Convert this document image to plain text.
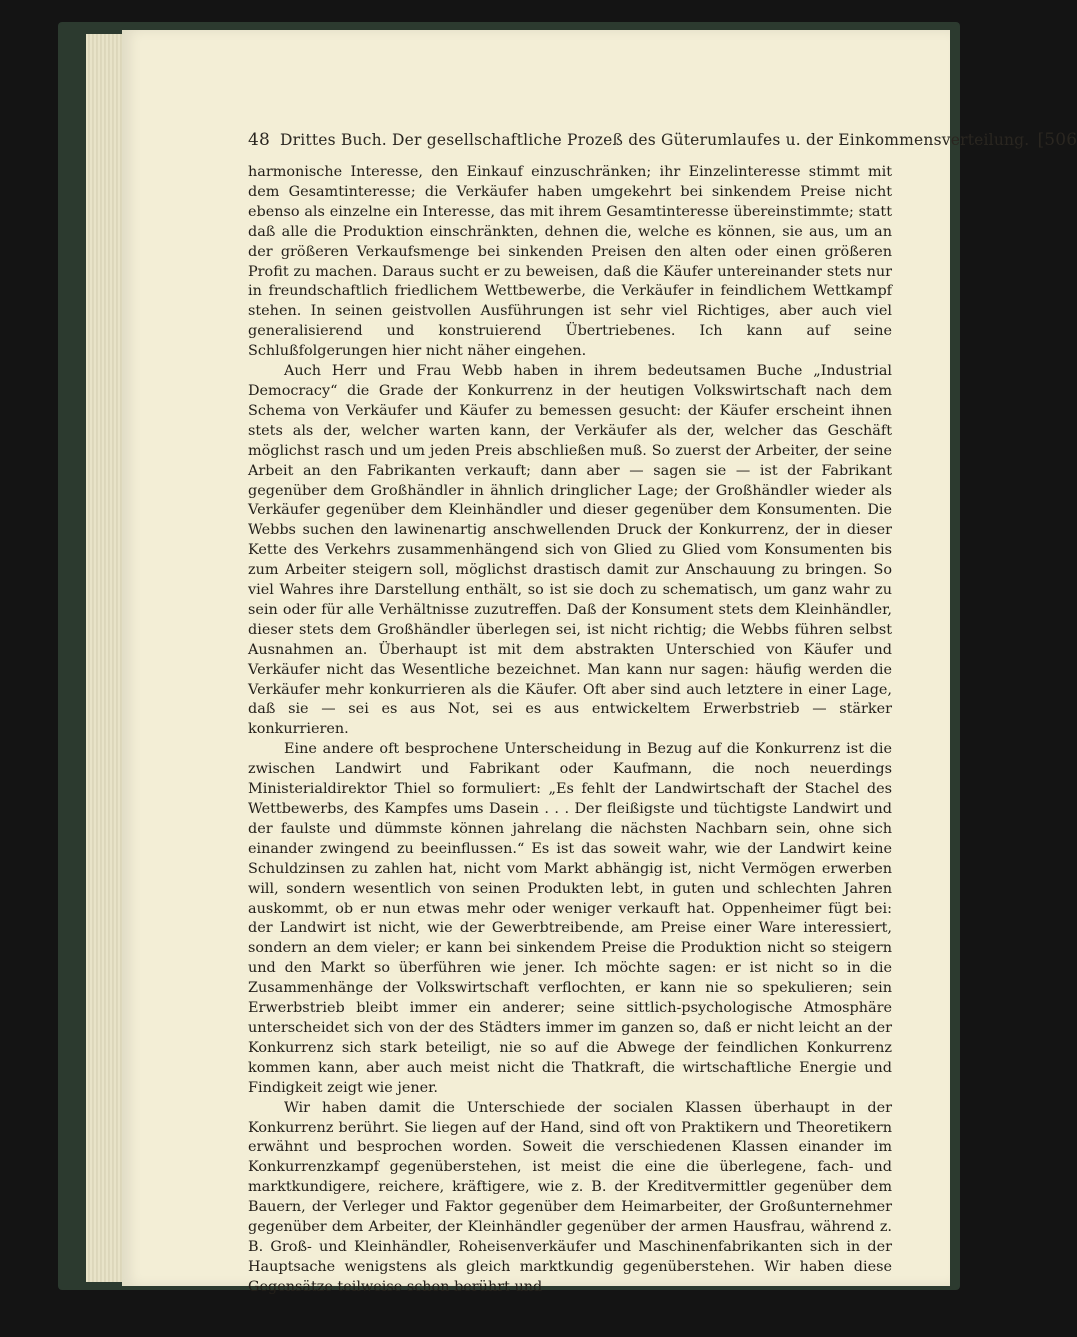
48 Drittes Buch. Der gesellschaftliche Prozeß des Güterumlaufes u. der Einkommensverteilung. [506

harmonische Interesse, den Einkauf einzuschränken; ihr Einzelinteresse stimmt mit dem Gesamtinteresse; die Verkäufer haben umgekehrt bei sinkendem Preise nicht ebenso als einzelne ein Interesse, das mit ihrem Gesamtinteresse übereinstimmte; statt daß alle die Produktion einschränkten, dehnen die, welche es können, sie aus, um an der größeren Verkaufsmenge bei sinkenden Preisen den alten oder einen größeren Profit zu machen. Daraus sucht er zu beweisen, daß die Käufer untereinander stets nur in freundschaftlich friedlichem Wettbewerbe, die Verkäufer in feindlichem Wettkampf stehen. In seinen geistvollen Ausführungen ist sehr viel Richtiges, aber auch viel generalisierend und konstruierend Übertriebenes. Ich kann auf seine Schlußfolgerungen hier nicht näher eingehen.

Auch Herr und Frau Webb haben in ihrem bedeutsamen Buche „Industrial Democracy“ die Grade der Konkurrenz in der heutigen Volkswirtschaft nach dem Schema von Verkäufer und Käufer zu bemessen gesucht: der Käufer erscheint ihnen stets als der, welcher warten kann, der Verkäufer als der, welcher das Geschäft möglichst rasch und um jeden Preis abschließen muß. So zuerst der Arbeiter, der seine Arbeit an den Fabrikanten verkauft; dann aber — sagen sie — ist der Fabrikant gegenüber dem Großhändler in ähnlich dringlicher Lage; der Großhändler wieder als Verkäufer gegenüber dem Kleinhändler und dieser gegenüber dem Konsumenten. Die Webbs suchen den lawinenartig anschwellenden Druck der Konkurrenz, der in dieser Kette des Verkehrs zusammenhängend sich von Glied zu Glied vom Konsumenten bis zum Arbeiter steigern soll, möglichst drastisch damit zur Anschauung zu bringen. So viel Wahres ihre Darstellung enthält, so ist sie doch zu schematisch, um ganz wahr zu sein oder für alle Verhältnisse zuzutreffen. Daß der Konsument stets dem Kleinhändler, dieser stets dem Großhändler überlegen sei, ist nicht richtig; die Webbs führen selbst Ausnahmen an. Überhaupt ist mit dem abstrakten Unterschied von Käufer und Verkäufer nicht das Wesentliche bezeichnet. Man kann nur sagen: häufig werden die Verkäufer mehr konkurrieren als die Käufer. Oft aber sind auch letztere in einer Lage, daß sie — sei es aus Not, sei es aus entwickeltem Erwerbstrieb — stärker konkurrieren.

Eine andere oft besprochene Unterscheidung in Bezug auf die Konkurrenz ist die zwischen Landwirt und Fabrikant oder Kaufmann, die noch neuerdings Ministerialdirektor Thiel so formuliert: „Es fehlt der Landwirtschaft der Stachel des Wettbewerbs, des Kampfes ums Dasein . . . Der fleißigste und tüchtigste Landwirt und der faulste und dümmste können jahrelang die nächsten Nachbarn sein, ohne sich einander zwingend zu beeinflussen.“ Es ist das soweit wahr, wie der Landwirt keine Schuldzinsen zu zahlen hat, nicht vom Markt abhängig ist, nicht Vermögen erwerben will, sondern wesentlich von seinen Produkten lebt, in guten und schlechten Jahren auskommt, ob er nun etwas mehr oder weniger verkauft hat. Oppenheimer fügt bei: der Landwirt ist nicht, wie der Gewerbtreibende, am Preise einer Ware interessiert, sondern an dem vieler; er kann bei sinkendem Preise die Produktion nicht so steigern und den Markt so überführen wie jener. Ich möchte sagen: er ist nicht so in die Zusammenhänge der Volkswirtschaft verflochten, er kann nie so spekulieren; sein Erwerbstrieb bleibt immer ein anderer; seine sittlich-psychologische Atmosphäre unterscheidet sich von der des Städters immer im ganzen so, daß er nicht leicht an der Konkurrenz sich stark beteiligt, nie so auf die Abwege der feindlichen Konkurrenz kommen kann, aber auch meist nicht die Thatkraft, die wirtschaftliche Energie und Findigkeit zeigt wie jener.

Wir haben damit die Unterschiede der socialen Klassen überhaupt in der Konkurrenz berührt. Sie liegen auf der Hand, sind oft von Praktikern und Theoretikern erwähnt und besprochen worden. Soweit die verschiedenen Klassen einander im Konkurrenzkampf gegenüberstehen, ist meist die eine die überlegene, fach- und marktkundigere, reichere, kräftigere, wie z. B. der Kreditvermittler gegenüber dem Bauern, der Verleger und Faktor gegenüber dem Heimarbeiter, der Großunternehmer gegenüber dem Arbeiter, der Kleinhändler gegenüber der armen Hausfrau, während z. B. Groß- und Kleinhändler, Roheisenverkäufer und Maschinenfabrikanten sich in der Hauptsache wenigstens als gleich marktkundig gegenüberstehen. Wir haben diese Gegensätze teilweise schon berührt und
